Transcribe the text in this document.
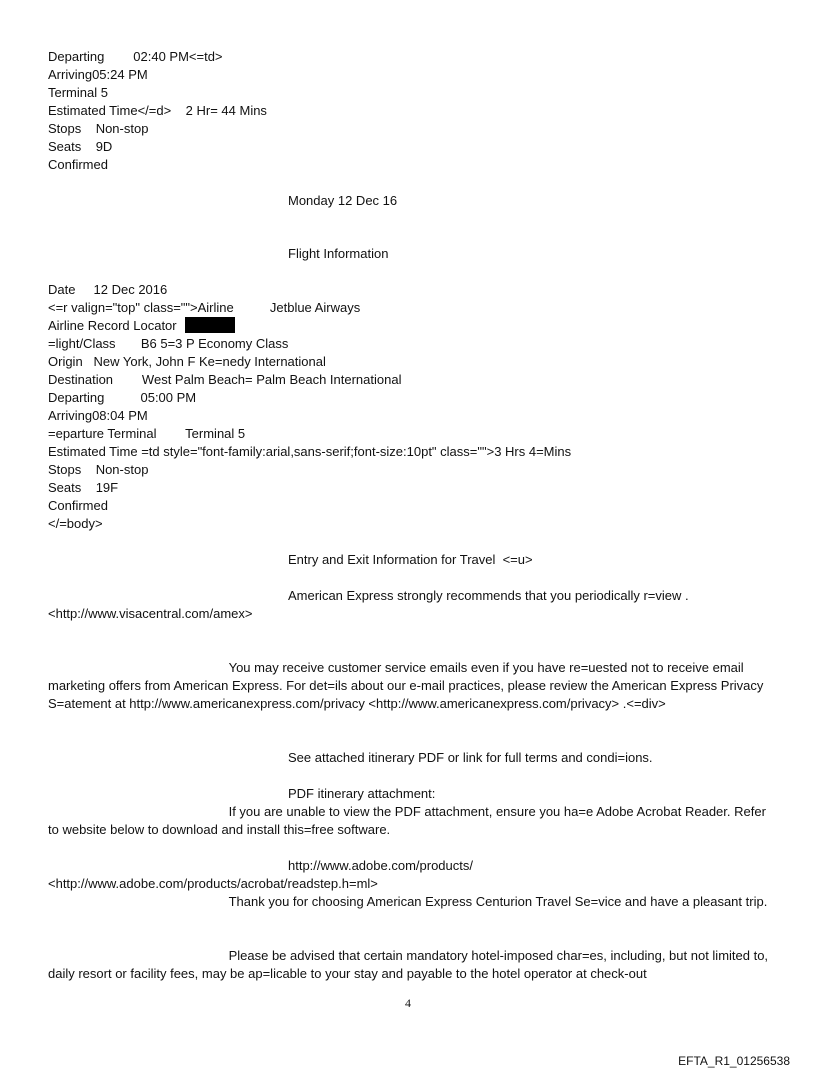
Departing        02:40 PM<=td>
Arriving05:24 PM
Terminal 5
Estimated Time</=d>    2 Hr= 44 Mins
Stops    Non-stop
Seats    9D
Confirmed
Monday 12 Dec 16
Flight Information
Date     12 Dec 2016
<=r valign="top" class="">Airline          Jetblue Airways
Airline Record Locator
=light/Class       B6 5=3 P Economy Class
Origin   New York, John F Ke=nedy International
Destination        West Palm Beach= Palm Beach International
Departing          05:00 PM
Arriving08:04 PM
=eparture Terminal        Terminal 5
Estimated Time =td style="font-family:arial,sans-serif;font-size:10pt" class="">3 Hrs 4=Mins
Stops    Non-stop
Seats    19F
Confirmed
</=body>
Entry and Exit Information for Travel  <=u>
American Express strongly recommends that you periodically r=view .
<http://www.visacentral.com/amex>
You may receive customer service emails even if you have re=uested not to receive email marketing offers from American Express. For det=ils about our e-mail practices, please review the American Express Privacy S=atement at http://www.americanexpress.com/privacy <http://www.americanexpress.com/privacy> .<=div>
See attached itinerary PDF or link for full terms and condi=ions.
PDF itinerary attachment:
If you are unable to view the PDF attachment, ensure you ha=e Adobe Acrobat Reader. Refer to website below to download and install this=free software.
http://www.adobe.com/products/
<http://www.adobe.com/products/acrobat/readstep.h=ml>
Thank you for choosing American Express Centurion Travel Se=vice and have a pleasant trip.
Please be advised that certain mandatory hotel-imposed char=es, including, but not limited to, daily resort or facility fees, may be ap=licable to your stay and payable to the hotel operator at check-out
4
EFTA_R1_01256538
